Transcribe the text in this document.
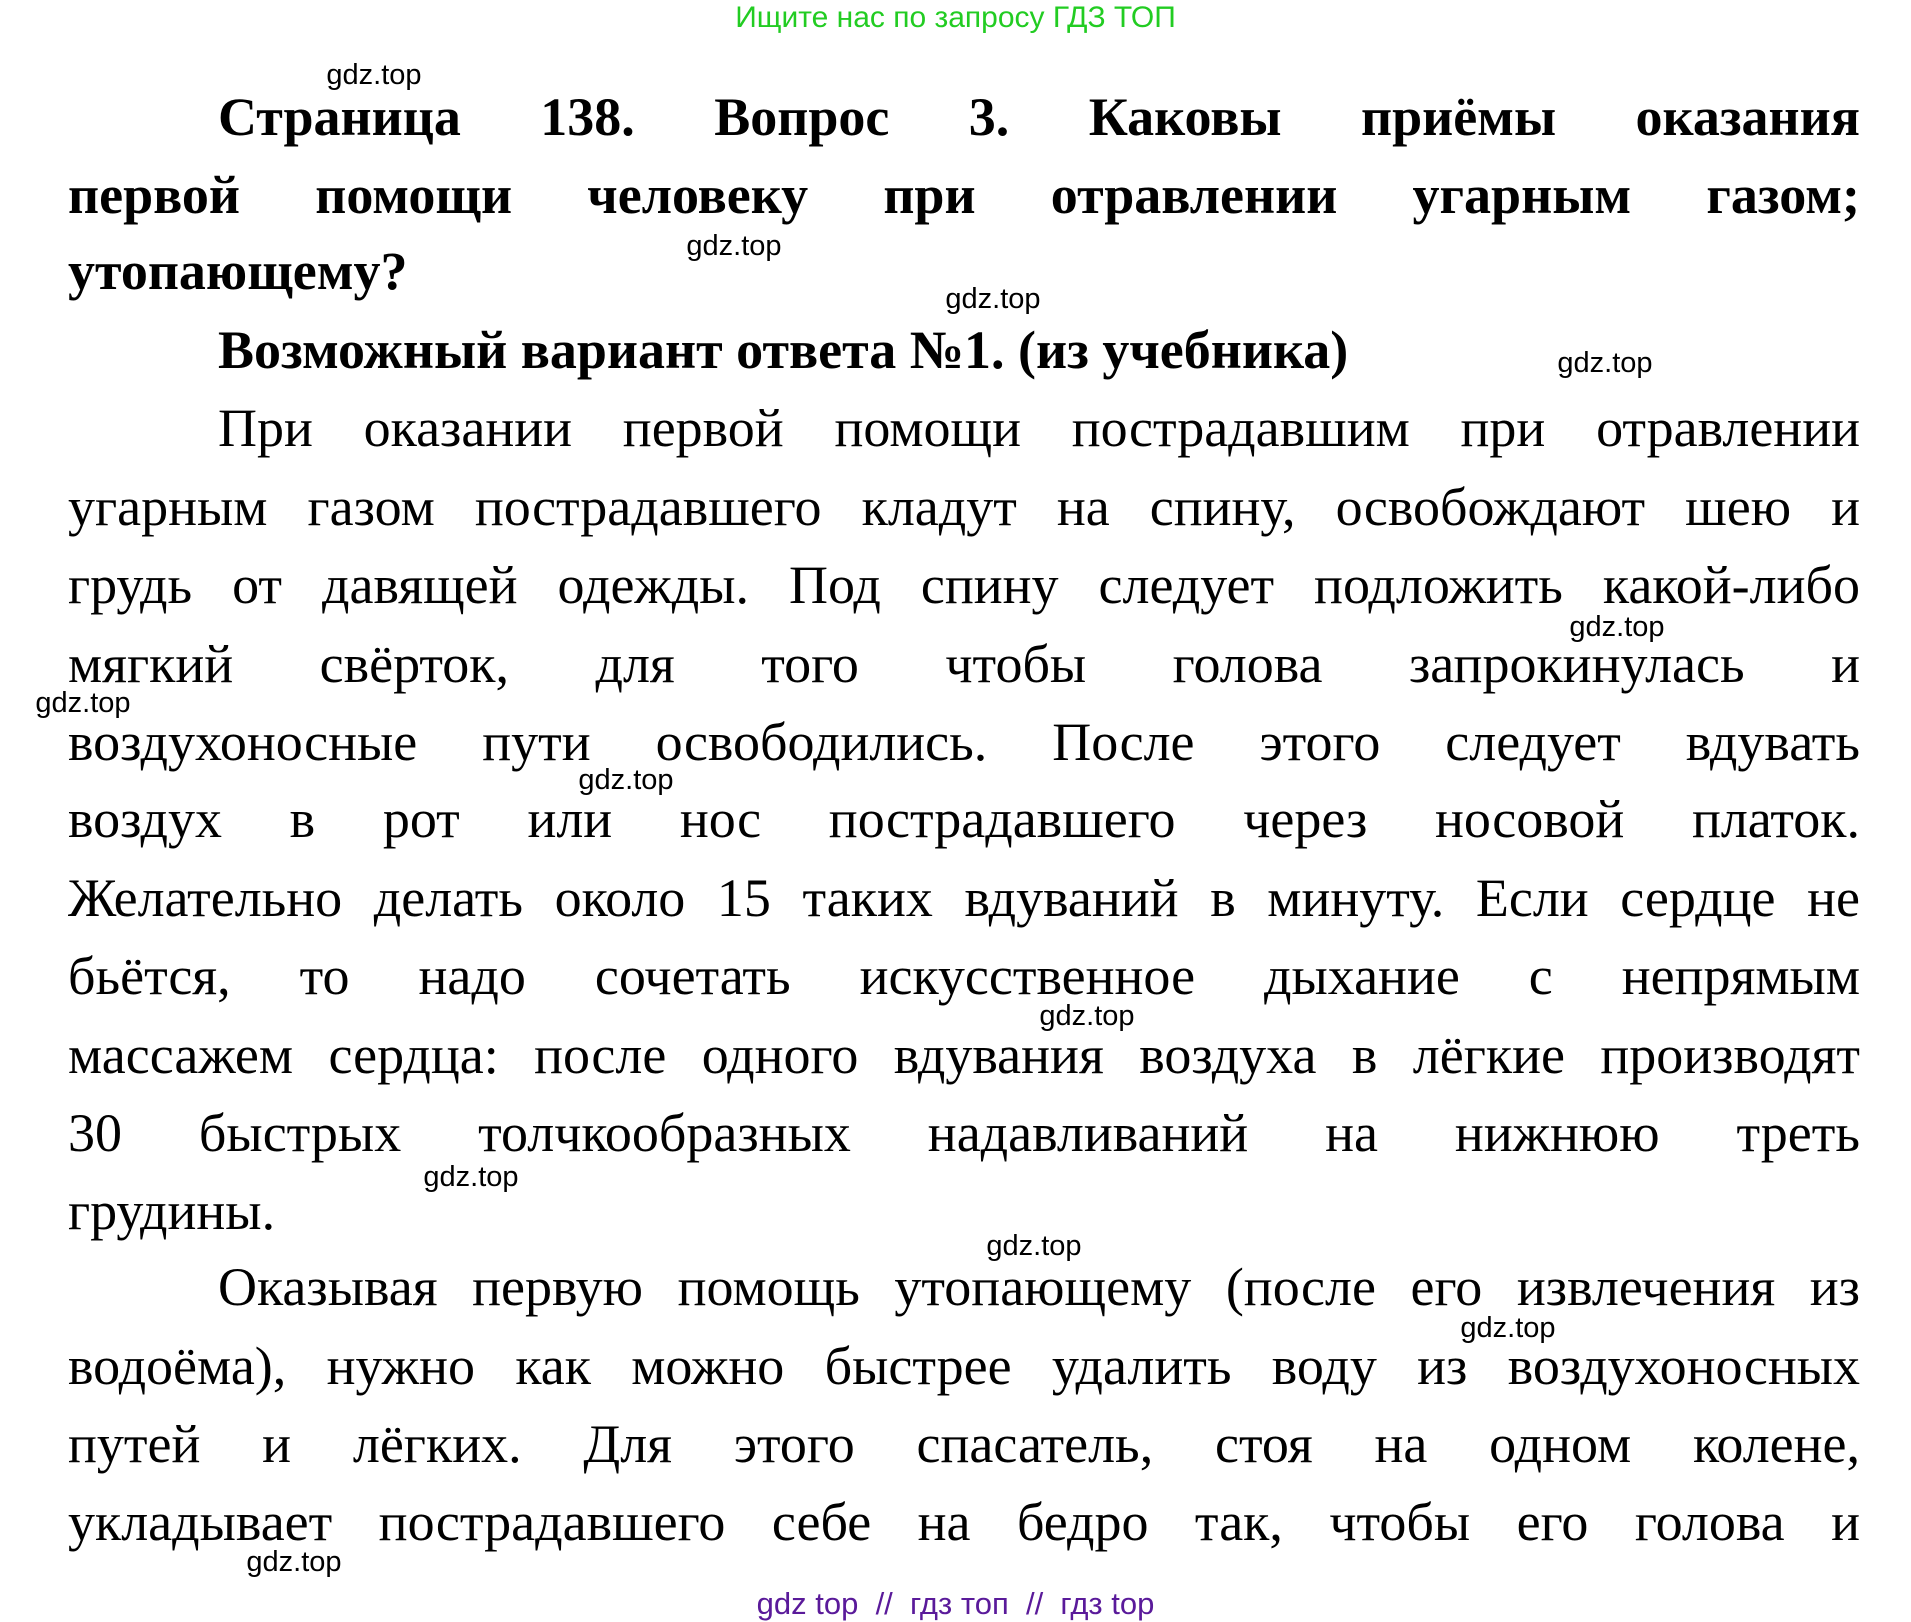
Ищите нас по запросу ГДЗ ТОП
Страница 138. Вопрос 3. Каковы приёмы оказания
первой помощи человеку при отравлении угарным газом;
утопающему?
Возможный вариант ответа №1. (из учебника)
При оказании первой помощи пострадавшим при отравлении
угарным газом пострадавшего кладут на спину, освобождают шею и
грудь от давящей одежды. Под спину следует подложить какой-либо
мягкий свёрток, для того чтобы голова запрокинулась и
воздухоносные пути освободились. После этого следует вдувать
воздух в рот или нос пострадавшего через носовой платок.
Желательно делать около 15 таких вдуваний в минуту. Если сердце не
бьётся, то надо сочетать искусственное дыхание с непрямым
массажем сердца: после одного вдувания воздуха в лёгкие производят
30 быстрых толчкообразных надавливаний на нижнюю треть
грудины.
Оказывая первую помощь утопающему (после его извлечения из
водоёма), нужно как можно быстрее удалить воду из воздухоносных
путей и лёгких. Для этого спасатель, стоя на одном колене,
укладывает пострадавшего себе на бедро так, чтобы его голова и
gdz.top
gdz.top
gdz.top
gdz.top
gdz.top
gdz.top
gdz.top
gdz.top
gdz.top
gdz.top
gdz.top
gdz.top
gdz top  //  гдз топ  //  гдз top
